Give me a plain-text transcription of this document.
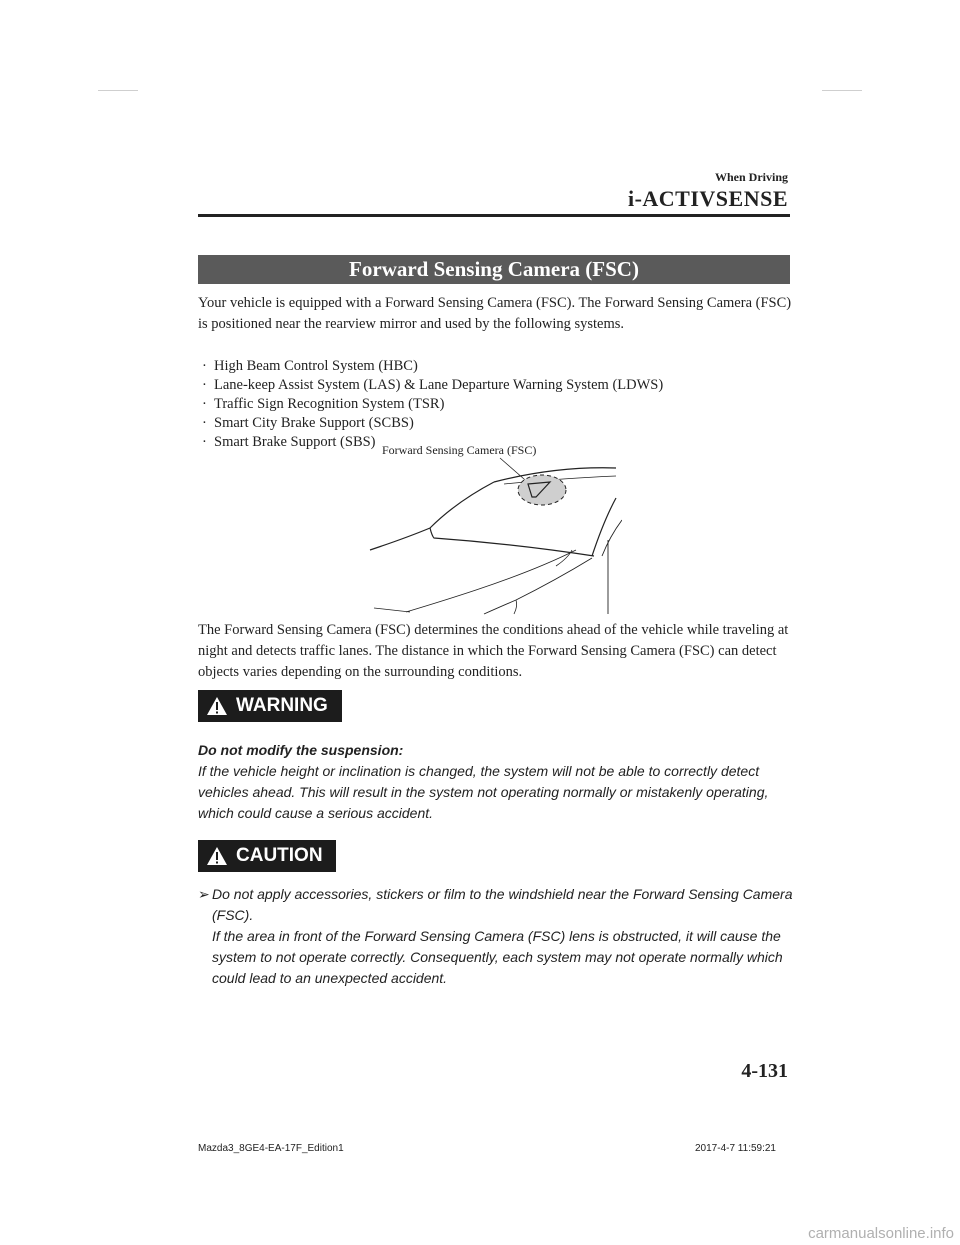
When Driving
i-ACTIVSENSE
Forward Sensing Camera (FSC)

Your vehicle is equipped with a Forward Sensing Camera (FSC). The Forward Sensing Camera (FSC) is positioned near the rearview mirror and used by the following systems.

· High Beam Control System (HBC)
· Lane-keep Assist System (LAS) & Lane Departure Warning System (LDWS)
· Traffic Sign Recognition System (TSR)
· Smart City Brake Support (SCBS)
· Smart Brake Support (SBS) Forward Sensing Camera (FSC)

The Forward Sensing Camera (FSC) determines the conditions ahead of the vehicle while traveling at night and detects traffic lanes. The distance in which the Forward Sensing Camera (FSC) can detect objects varies depending on the surrounding conditions.

WARNING

Do not modify the suspension:

If the vehicle height or inclination is changed, the system will not be able to correctly detect vehicles ahead. This will result in the system not operating normally or mistakenly operating, which could cause a serious accident.

CAUTION
➢ Do not apply accessories, stickers or film to the windshield near the Forward Sensing Camera (FSC).
If the area in front of the Forward Sensing Camera (FSC) lens is obstructed, it will cause the system to not operate correctly. Consequently, each system may not operate normally which could lead to an unexpected accident.
4-131
Mazda3_8GE4-EA-17F_Edition1	2017-4-7 11:59:21
carmanualsonline.info
